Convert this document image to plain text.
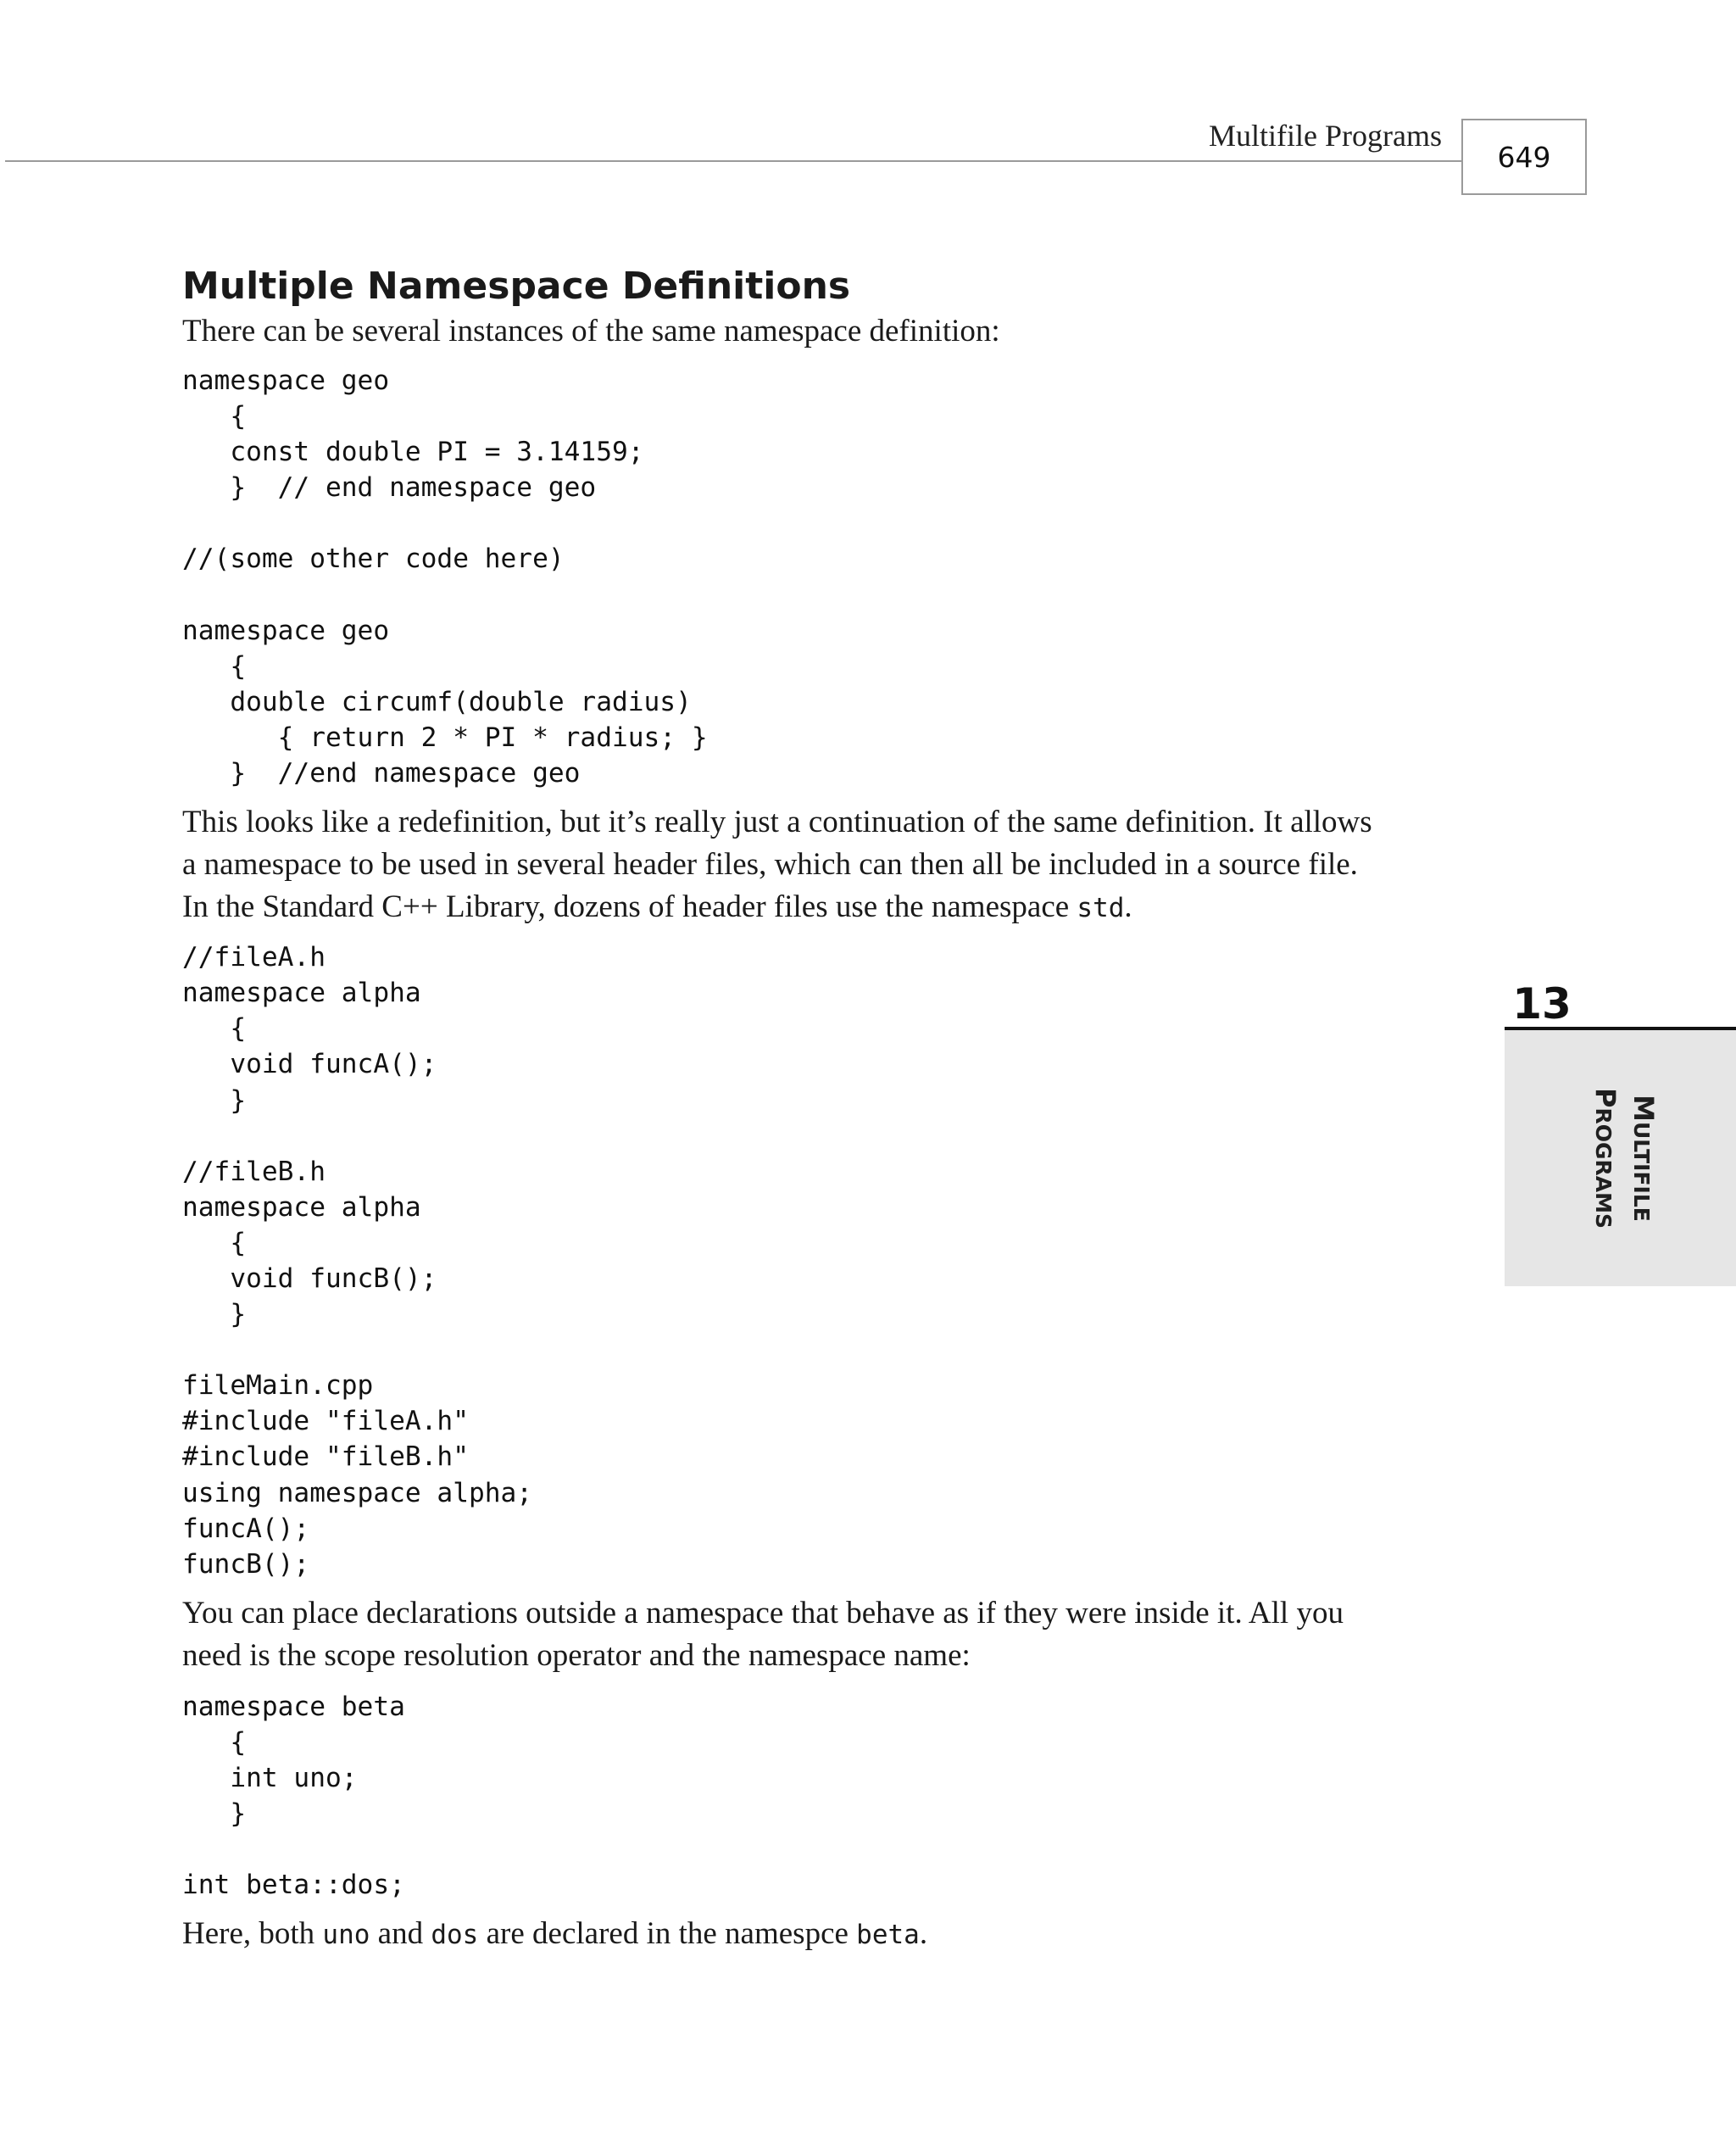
Multifile Programs
649
Multiple Namespace Definitions

There can be several instances of the same namespace definition:

namespace geo
{
const double PI = 3.14159;
}  // end namespace geo

//(some other code here)

namespace geo
{
double circumf(double radius)
{ return 2 * PI * radius; }
}  //end namespace geo

This looks like a redefinition, but it’s really just a continuation of the same definition. It allows

a namespace to be used in several header files, which can then all be included in a source file.

In the Standard C++ Library, dozens of header files use the namespace std.

//fileA.h
namespace alpha
{
void funcA();
}

//fileB.h
namespace alpha
{
void funcB();
}

fileMain.cpp
#include "fileA.h"
#include "fileB.h"
using namespace alpha;
funcA();
funcB();

You can place declarations outside a namespace that behave as if they were inside it. All you

need is the scope resolution operator and the namespace name:

namespace beta
{
int uno;
}

int beta::dos;

Here, both uno and dos are declared in the namespce beta.

13
MULTIFILE
PROGRAMS
